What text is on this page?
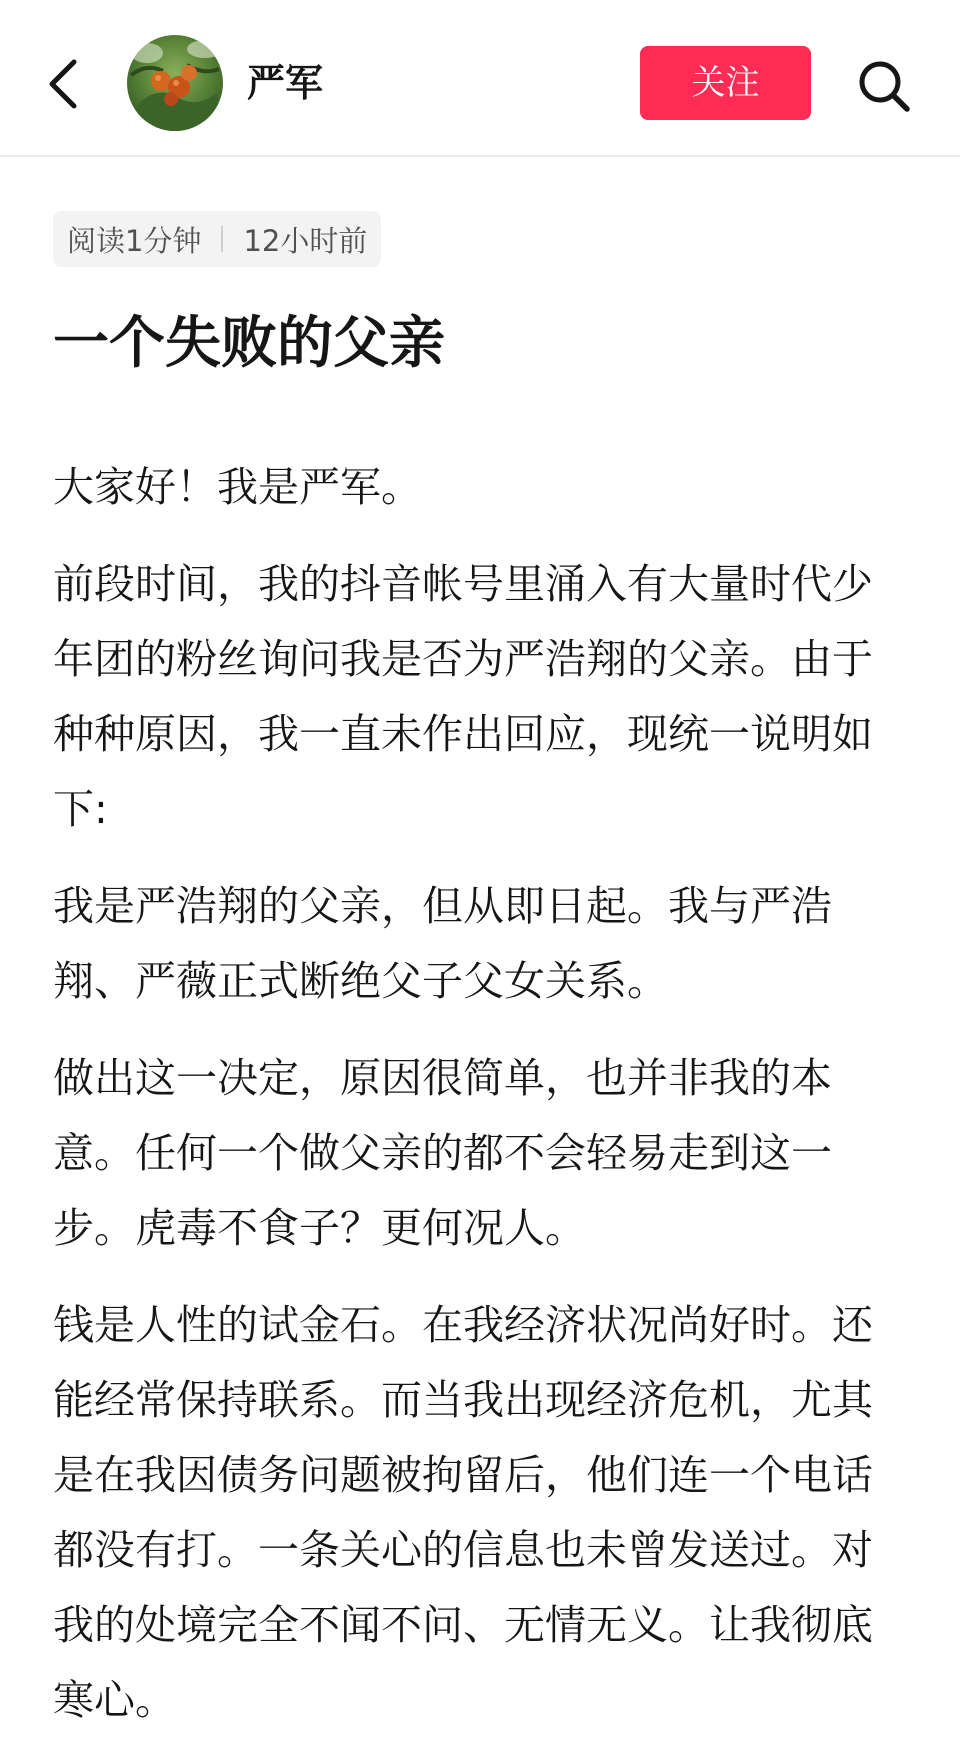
严军	关注
阅读1分钟 12小时前
一个失败的父亲

大家好！我是严军。

前段时间，我的抖音帐号里涌入有大量时代少年团的粉丝询问我是否为严浩翔的父亲。由于种种原因，我一直未作出回应，现统一说明如下:

我是严浩翔的父亲，但从即日起。我与严浩翔、严薇正式断绝父子父女关系。

做出这一决定，原因很简单，也并非我的本意。任何一个做父亲的都不会轻易走到这一步。虎毒不食子？更何况人。

钱是人性的试金石。在我经济状况尚好时。还能经常保持联系。而当我出现经济危机，尤其是在我因债务问题被拘留后，他们连一个电话都没有打。一条关心的信息也未曾发送过。对我的处境完全不闻不问、无情无义。让我彻底寒心。
